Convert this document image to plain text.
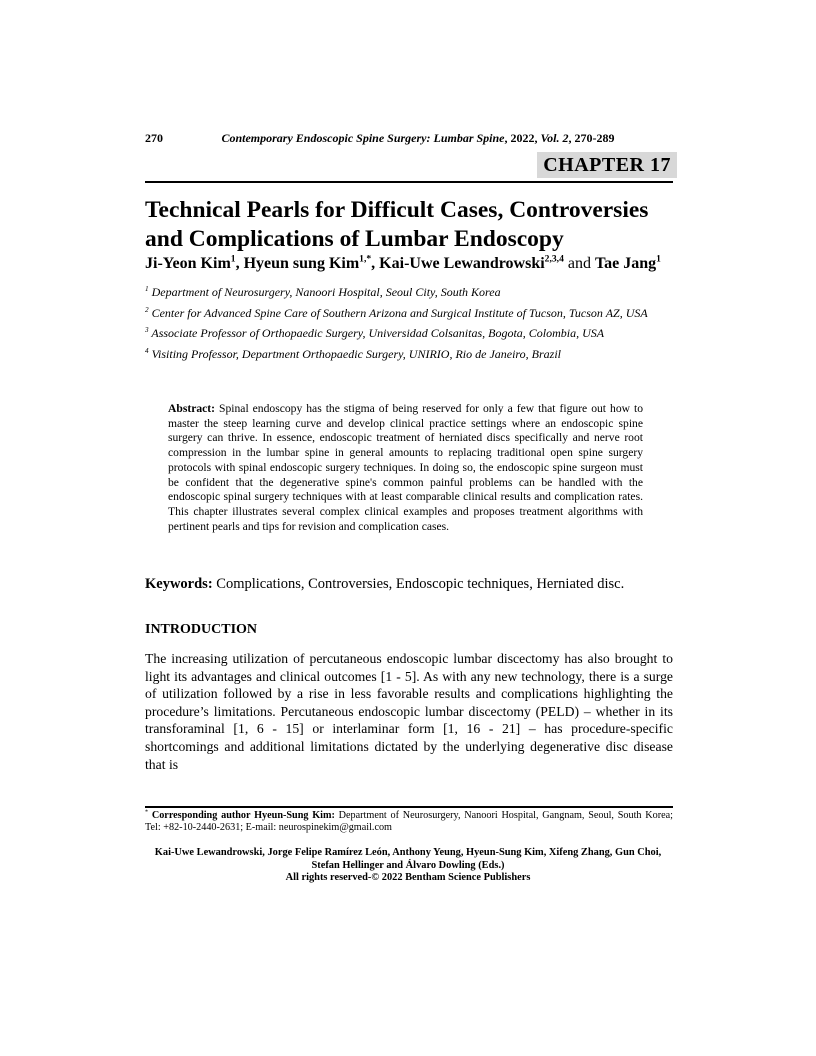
270	Contemporary Endoscopic Spine Surgery: Lumbar Spine, 2022, Vol. 2, 270-289
CHAPTER 17
Technical Pearls for Difficult Cases, Controversies and Complications of Lumbar Endoscopy
Ji-Yeon Kim$^1$, Hyeun sung Kim$^{1,*}$, Kai-Uwe Lewandrowski$^{2,3,4}$ and Tae Jang$^1$
$^1$ Department of Neurosurgery, Nanoori Hospital, Seoul City, South Korea
$^2$ Center for Advanced Spine Care of Southern Arizona and Surgical Institute of Tucson, Tucson AZ, USA
$^3$ Associate Professor of Orthopaedic Surgery, Universidad Colsanitas, Bogota, Colombia, USA
$^4$ Visiting Professor, Department Orthopaedic Surgery, UNIRIO, Rio de Janeiro, Brazil

Abstract: Spinal endoscopy has the stigma of being reserved for only a few that figure out how to master the steep learning curve and develop clinical practice settings where an endoscopic spine surgery can thrive. In essence, endoscopic treatment of herniated discs specifically and nerve root compression in the lumbar spine in general amounts to replacing traditional open spine surgery protocols with spinal endoscopic surgery techniques. In doing so, the endoscopic spine surgeon must be confident that the degenerative spine's common painful problems can be handled with the endoscopic spinal surgery techniques with at least comparable clinical results and complication rates. This chapter illustrates several complex clinical examples and proposes treatment algorithms with pertinent pearls and tips for revision and complication cases.

Keywords: Complications, Controversies, Endoscopic techniques, Herniated disc.

INTRODUCTION

The increasing utilization of percutaneous endoscopic lumbar discectomy has also brought to light its advantages and clinical outcomes [1 - 5]. As with any new technology, there is a surge of utilization followed by a rise in less favorable results and complications highlighting the procedure’s limitations. Percutaneous endoscopic lumbar discectomy (PELD) – whether in its transforaminal [1, 6 - 15] or interlaminar form [1, 16 - 21] – has procedure-specific shortcomings and additional limitations dictated by the underlying degenerative disc disease that is

* Corresponding author Hyeun-Sung Kim: Department of Neurosurgery, Nanoori Hospital, Gangnam, Seoul, South Korea; Tel: +82-10-2440-2631; E-mail: neurospinekim@gmail.com

Kai-Uwe Lewandrowski, Jorge Felipe Ramírez León, Anthony Yeung, Hyeun-Sung Kim, Xifeng Zhang, Gun Choi, Stefan Hellinger and Álvaro Dowling (Eds.)
All rights reserved-© 2022 Bentham Science Publishers
